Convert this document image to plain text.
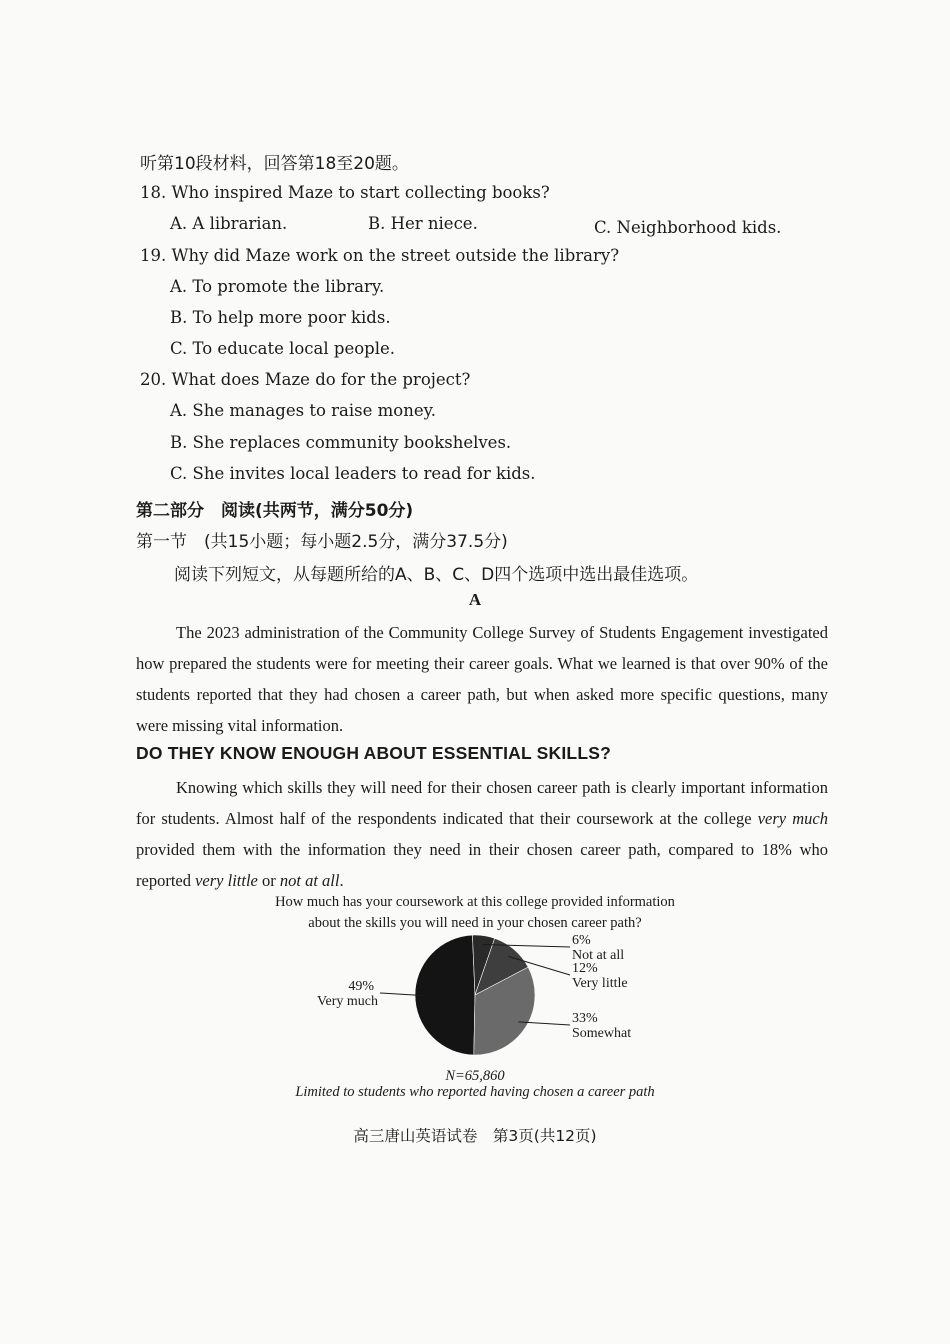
听第10段材料，回答第18至20题。
18. Who inspired Maze to start collecting books?
A. A librarian.	B. Her niece.	C. Neighborhood kids.
19. Why did Maze work on the street outside the library?
A. To promote the library.
B. To help more poor kids.
C. To educate local people.
20. What does Maze do for the project?
A. She manages to raise money.
B. She replaces community bookshelves.
C. She invites local leaders to read for kids.
第二部分　阅读(共两节，满分50分)
第一节　(共15小题；每小题2.5分，满分37.5分)
阅读下列短文，从每题所给的A、B、C、D四个选项中选出最佳选项。
A
The 2023 administration of the Community College Survey of Students Engagement investigated how prepared the students were for meeting their career goals. What we learned is that over 90% of the students reported that they had chosen a career path, but when asked more specific questions, many were missing vital information.
DO THEY KNOW ENOUGH ABOUT ESSENTIAL SKILLS?
Knowing which skills they will need for their chosen career path is clearly important information for students. Almost half of the respondents indicated that their coursework at the college very much provided them with the information they need in their chosen career path, compared to 18% who reported very little or not at all.
How much has your coursework at this college provided information
about the skills you will need in your chosen career path?
49%
Very much
6%
Not at all
12%
Very little
33%
Somewhat
N=65,860
Limited to students who reported having chosen a career path
高三唐山英语试卷　第3页(共12页)
